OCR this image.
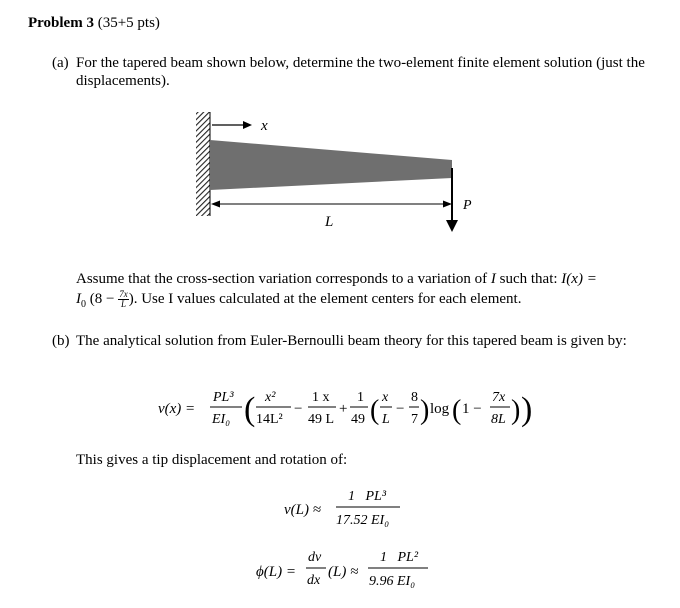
Problem 3 (35+5 pts)
(a) For the tapered beam shown below, determine the two-element finite element solution (just the displacements).
x
L
P
Assume that the cross-section variation corresponds to a variation of I such that: I(x) =
$I_0$ ($8 - \frac{7x}{L}$ ). Use I values calculated at the element centers for each element.
(b) The analytical solution from Euler-Bernoulli beam theory for this tapered beam is given by:
v(x) =
PL³
EI₀ ( x²
14L²
−
1 x
49 L
+
1
49 ( x
L
−
8
7 ) log ( 1 −
7x
8L ) )
This gives a tip displacement and rotation of:
v(L) ≈
1   PL³
17.52 EI₀
ϕ(L) =
dv
dx
(L) ≈
1   PL²
9.96 EI₀
